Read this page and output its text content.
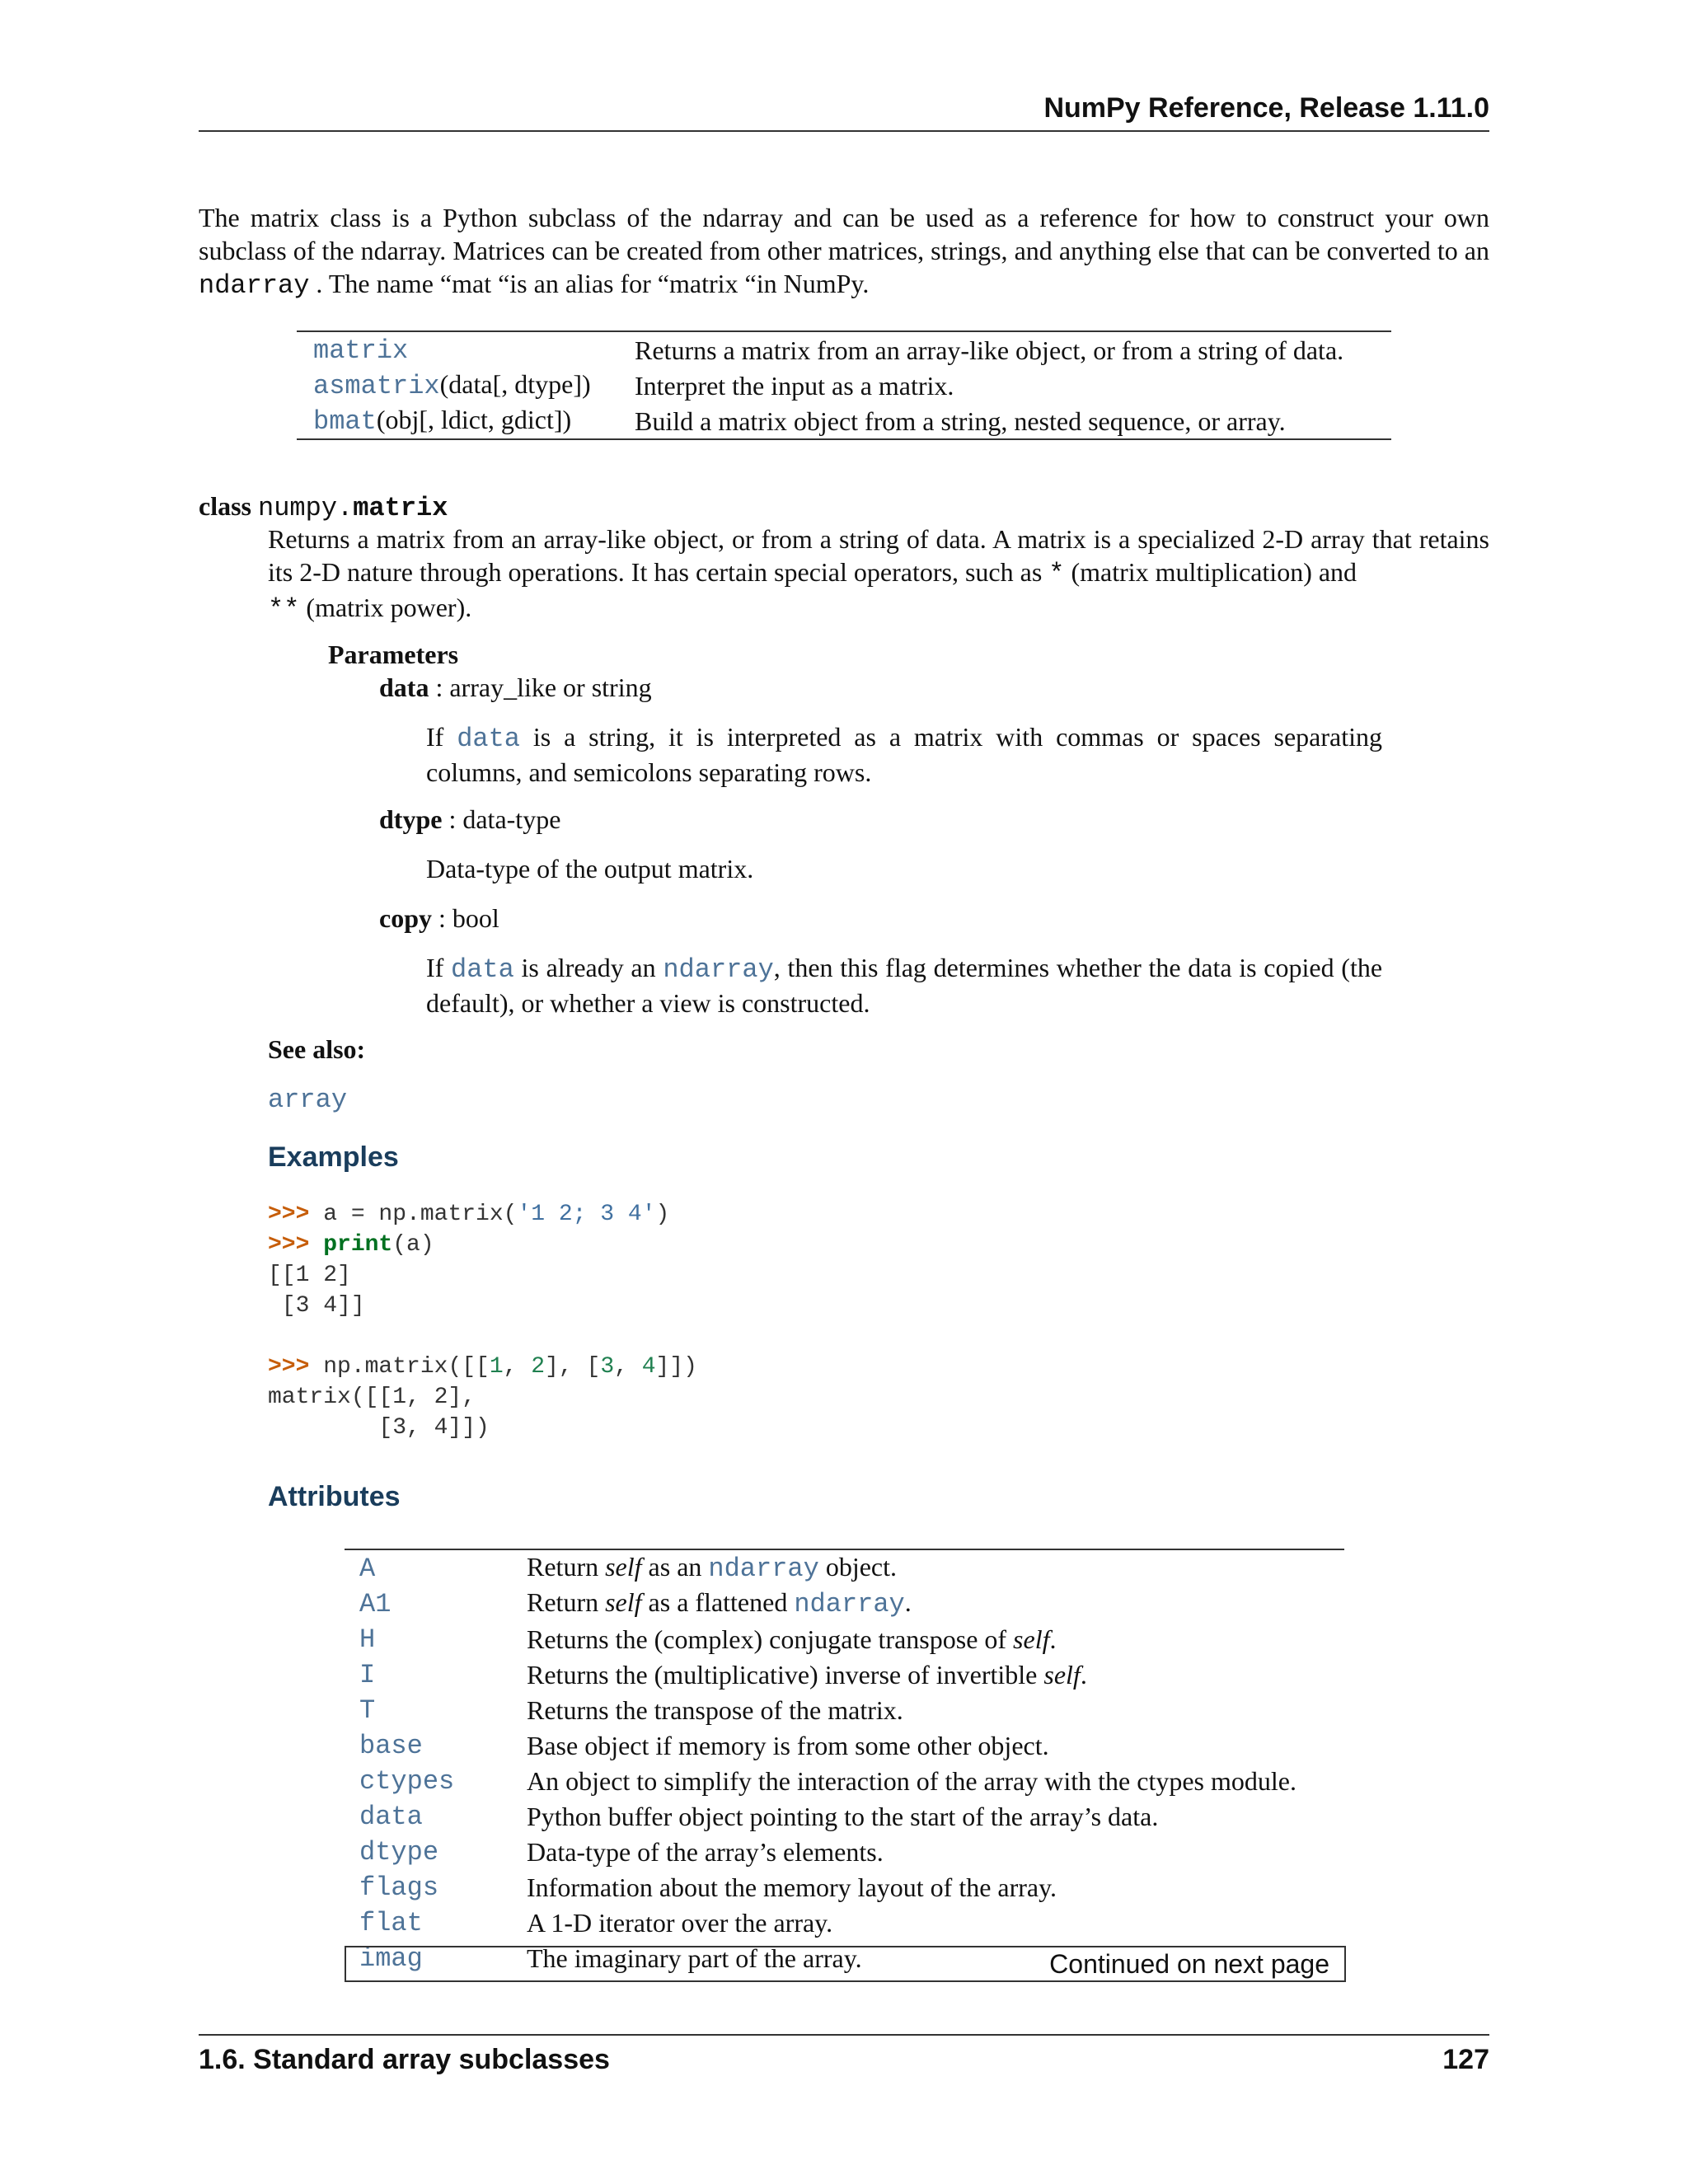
NumPy Reference, Release 1.11.0
The matrix class is a Python subclass of the ndarray and can be used as a reference for how to construct your own subclass of the ndarray. Matrices can be created from other matrices, strings, and anything else that can be converted to an ndarray . The name “mat “is an alias for “matrix “in NumPy.
matrix	Returns a matrix from an array-like object, or from a string of data.
asmatrix(data[, dtype])	Interpret the input as a matrix.
bmat(obj[, ldict, gdict])	Build a matrix object from a string, nested sequence, or array.
class numpy.matrix
Returns a matrix from an array-like object, or from a string of data. A matrix is a specialized 2-D array that retains its 2-D nature through operations. It has certain special operators, such as * (matrix multiplication) and
** (matrix power).
Parameters
data : array_like or string
If data is a string, it is interpreted as a matrix with commas or spaces separating columns, and semicolons separating rows.
dtype : data-type
Data-type of the output matrix.
copy : bool
If data is already an ndarray, then this flag determines whether the data is copied (the default), or whether a view is constructed.
See also:
array
Examples
>>> a = np.matrix('1 2; 3 4')
>>> print(a)
[[1 2]
[3 4]]

>>> np.matrix([[1, 2], [3, 4]])
matrix([[1, 2],
[3, 4]])
Attributes
A	Return self as an ndarray object.
A1	Return self as a flattened ndarray.
H	Returns the (complex) conjugate transpose of self.
I	Returns the (multiplicative) inverse of invertible self.
T	Returns the transpose of the matrix.
base	Base object if memory is from some other object.
ctypes	An object to simplify the interaction of the array with the ctypes module.
data	Python buffer object pointing to the start of the array’s data.
dtype	Data-type of the array’s elements.
flags	Information about the memory layout of the array.
flat	A 1-D iterator over the array.
imag	The imaginary part of the array.	Continued on next page
1.6. Standard array subclasses	127
